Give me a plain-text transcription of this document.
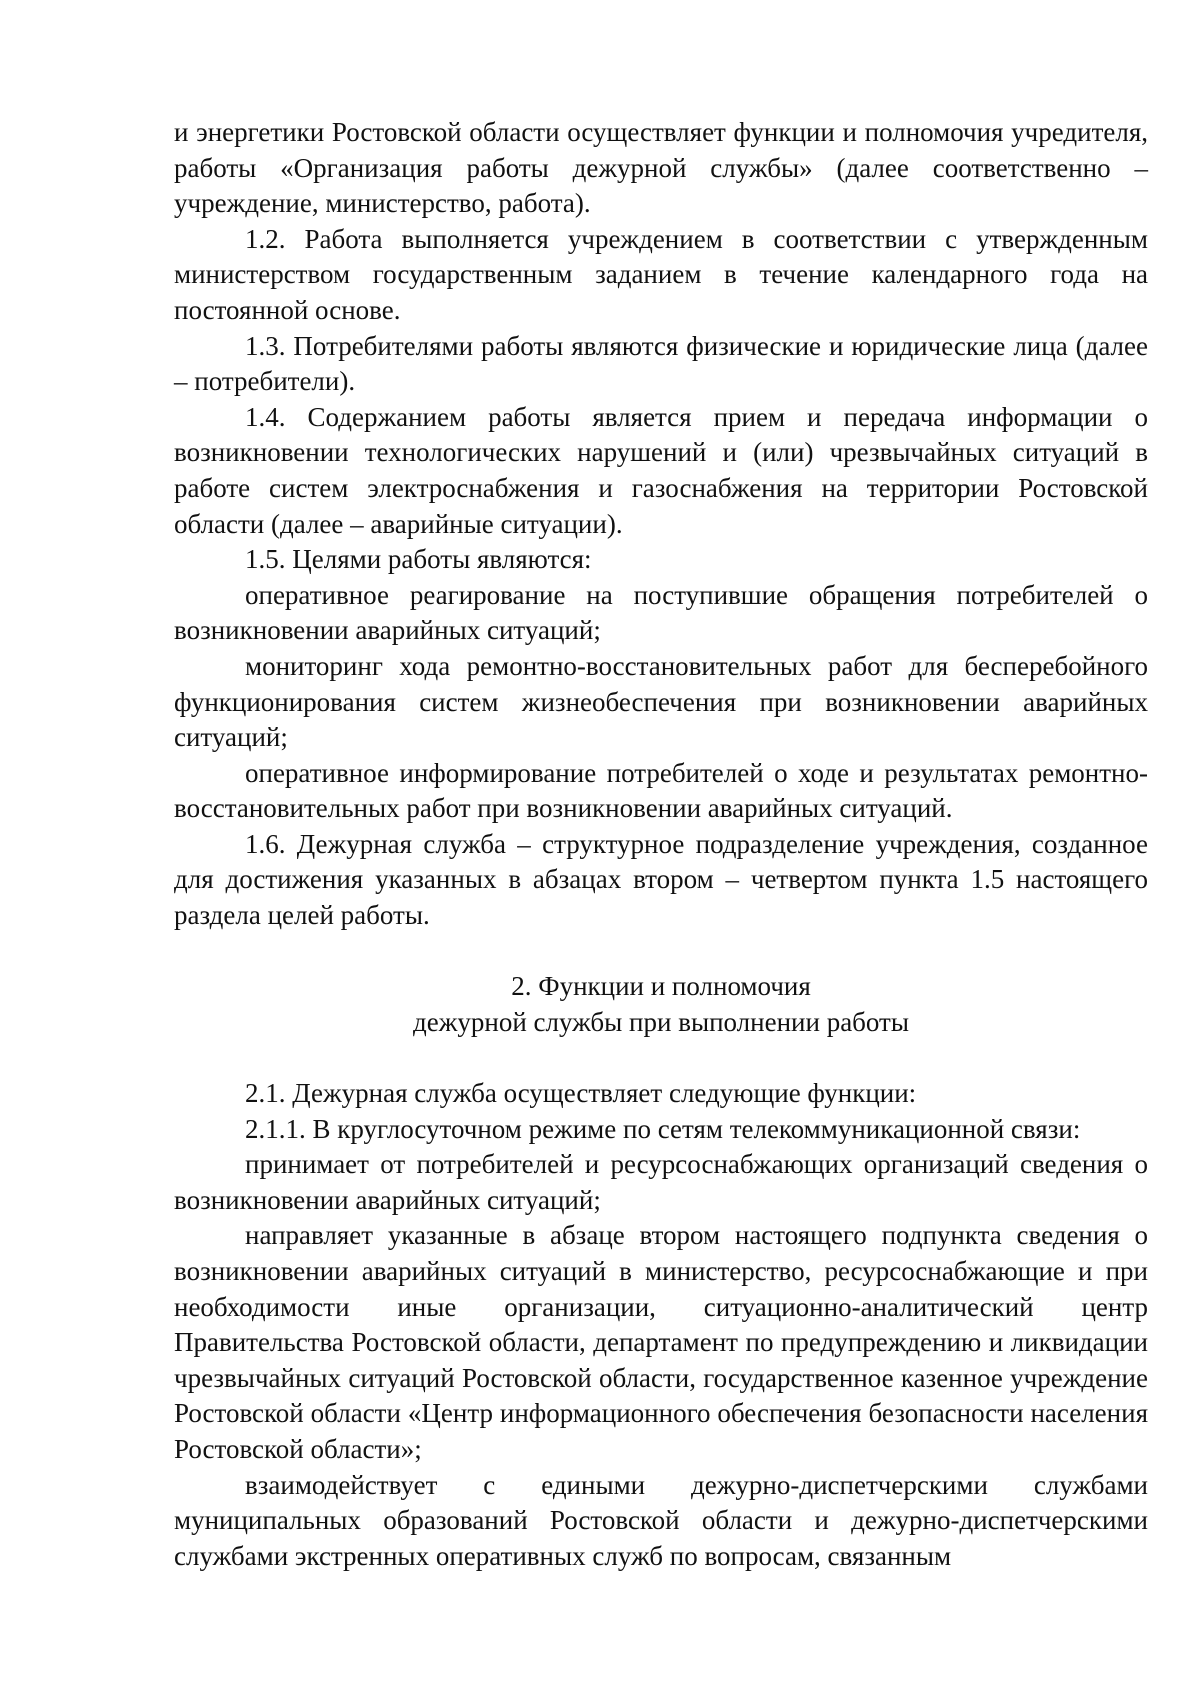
и энергетики Ростовской области осуществляет функции и полномочия учредителя, работы «Организация работы дежурной службы» (далее соответственно – учреждение, министерство, работа).

1.2. Работа выполняется учреждением в соответствии с утвержденным министерством государственным заданием в течение календарного года на постоянной основе.

1.3. Потребителями работы являются физические и юридические лица (далее – потребители).

1.4. Содержанием работы является прием и передача информации о возникновении технологических нарушений и (или) чрезвычайных ситуаций в работе систем электроснабжения и газоснабжения на территории Ростовской области (далее – аварийные ситуации).

1.5. Целями работы являются:

оперативное реагирование на поступившие обращения потребителей о возникновении аварийных ситуаций;

мониторинг хода ремонтно-восстановительных работ для бесперебойного функционирования систем жизнеобеспечения при возникновении аварийных ситуаций;

оперативное информирование потребителей о ходе и результатах ремонтно-восстановительных работ при возникновении аварийных ситуаций.

1.6. Дежурная служба – структурное подразделение учреждения, созданное для достижения указанных в абзацах втором – четвертом пункта 1.5 настоящего раздела целей работы.

2. Функции и полномочия
дежурной службы при выполнении работы

2.1. Дежурная служба осуществляет следующие функции:

2.1.1. В круглосуточном режиме по сетям телекоммуникационной связи:

принимает от потребителей и ресурсоснабжающих организаций сведения о возникновении аварийных ситуаций;

направляет указанные в абзаце втором настоящего подпункта сведения о возникновении аварийных ситуаций в министерство, ресурсоснабжающие и при необходимости иные организации, ситуационно-аналитический центр Правительства Ростовской области, департамент по предупреждению и ликвидации чрезвычайных ситуаций Ростовской области, государственное казенное учреждение Ростовской области «Центр информационного обеспечения безопасности населения Ростовской области»;

взаимодействует с едиными дежурно-диспетчерскими службами муниципальных образований Ростовской области и дежурно-диспетчерскими службами экстренных оперативных служб по вопросам, связанным
